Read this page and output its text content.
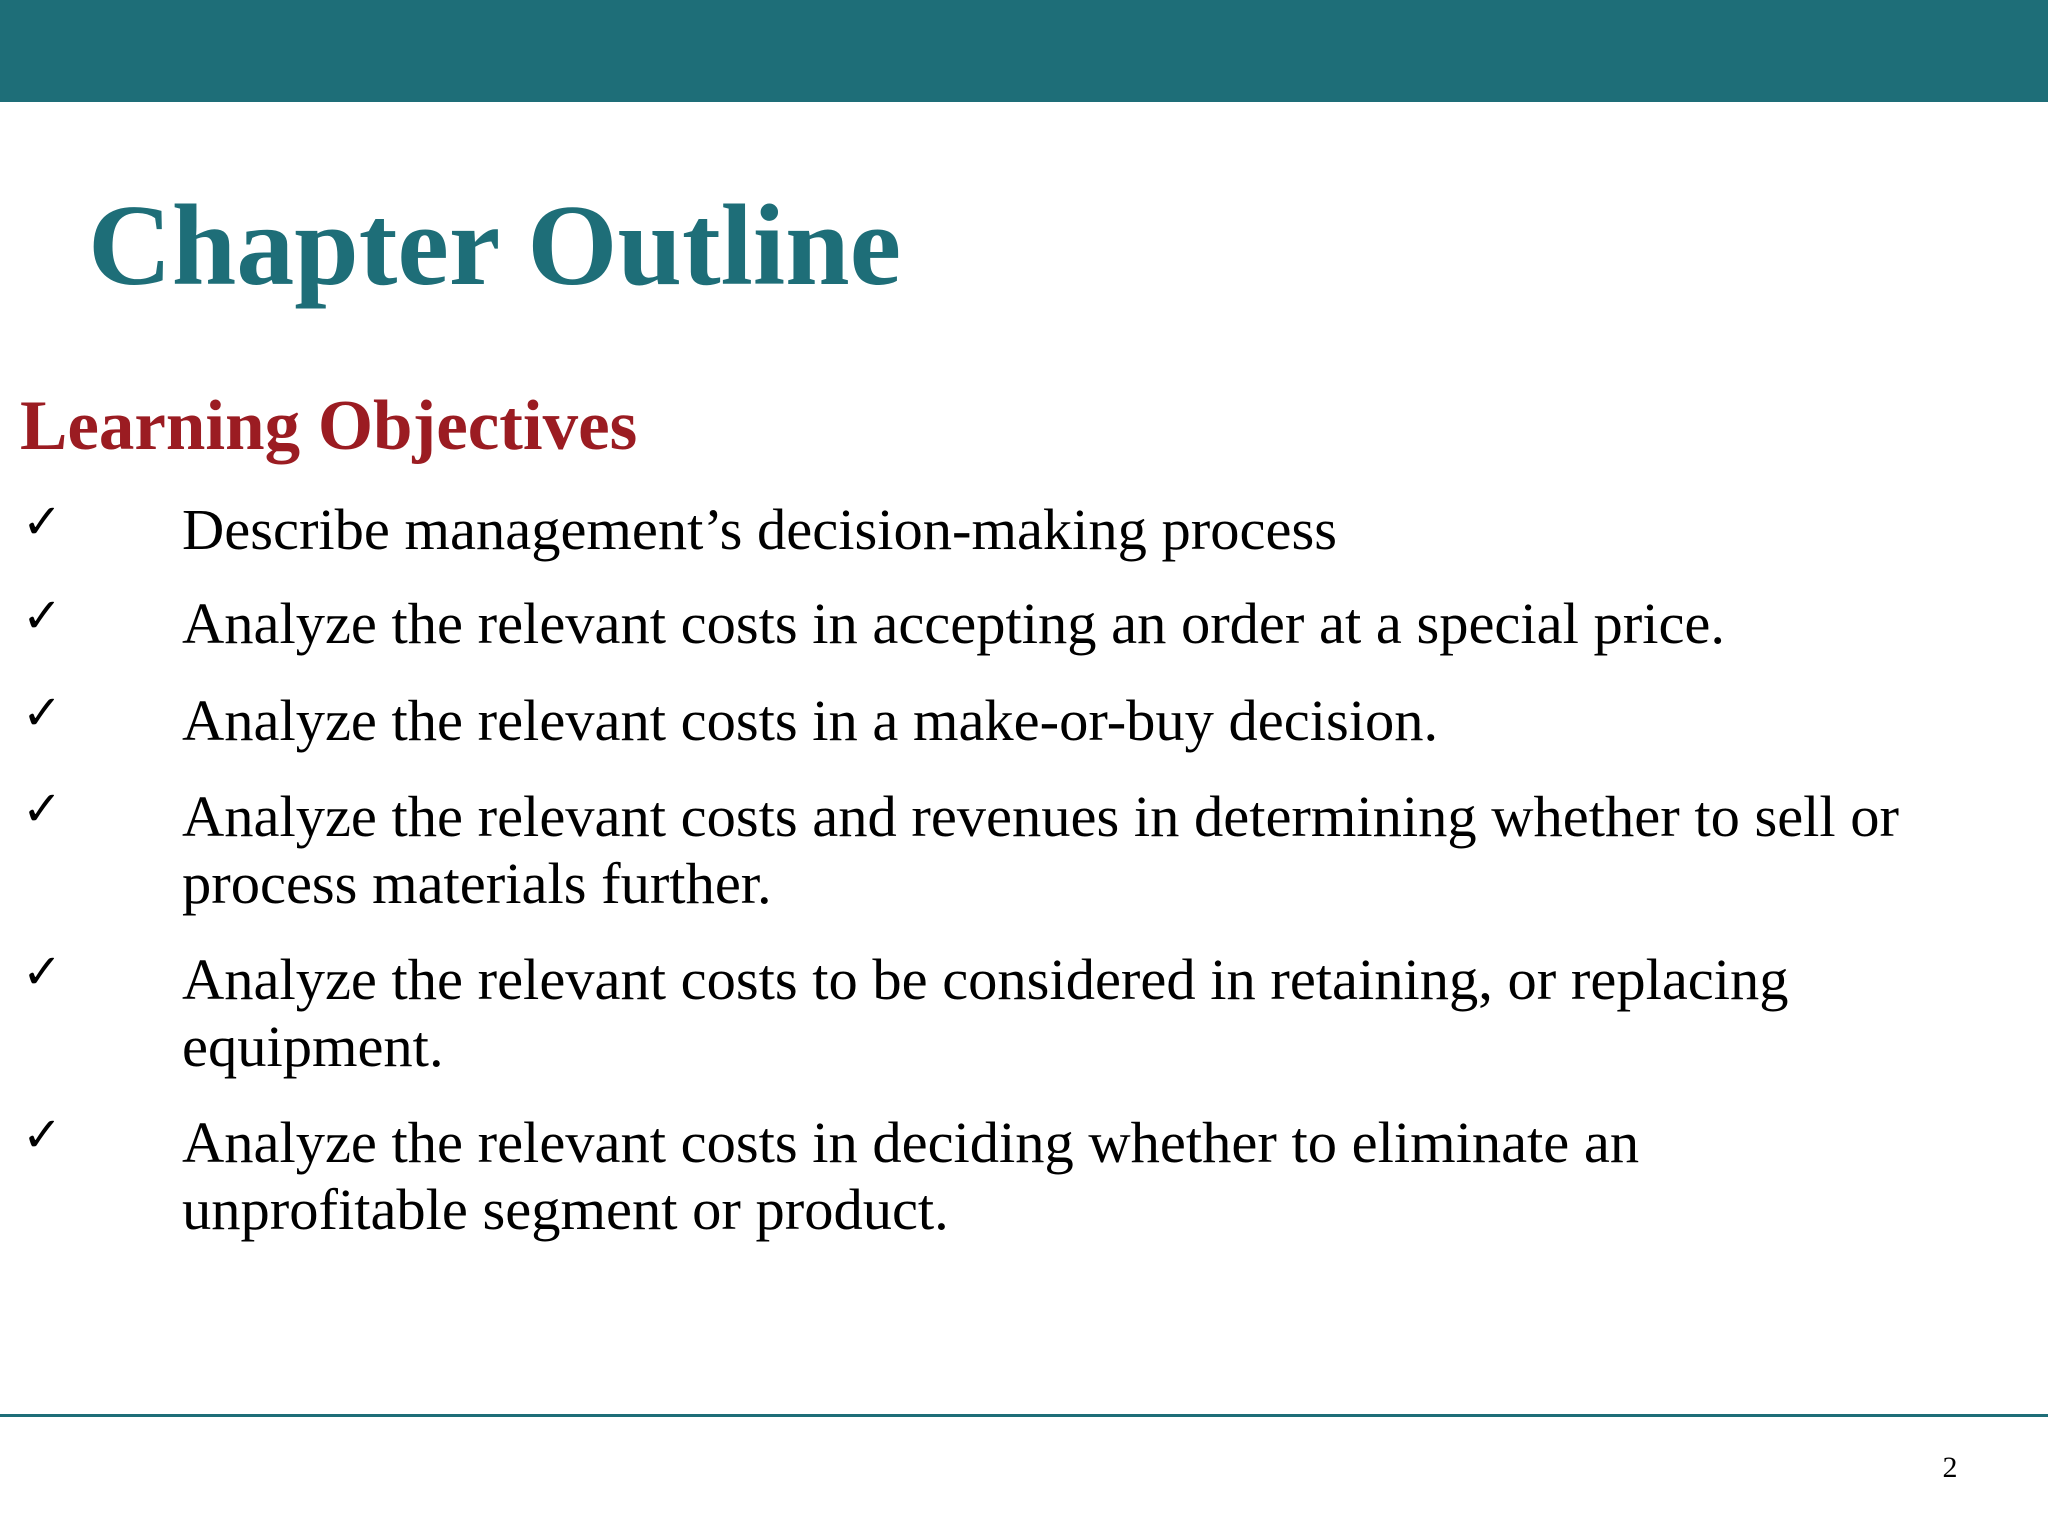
Chapter Outline
Learning Objectives
✓ Describe management’s decision-making process
✓ Analyze the relevant costs in accepting an order at a special price.
✓ Analyze the relevant costs in a make-or-buy decision.
✓ Analyze the relevant costs and revenues in determining whether to sell or
process materials further.
✓ Analyze the relevant costs to be considered in retaining, or replacing
equipment.
✓ Analyze the relevant costs in deciding whether to eliminate an
unprofitable segment or product.
2
